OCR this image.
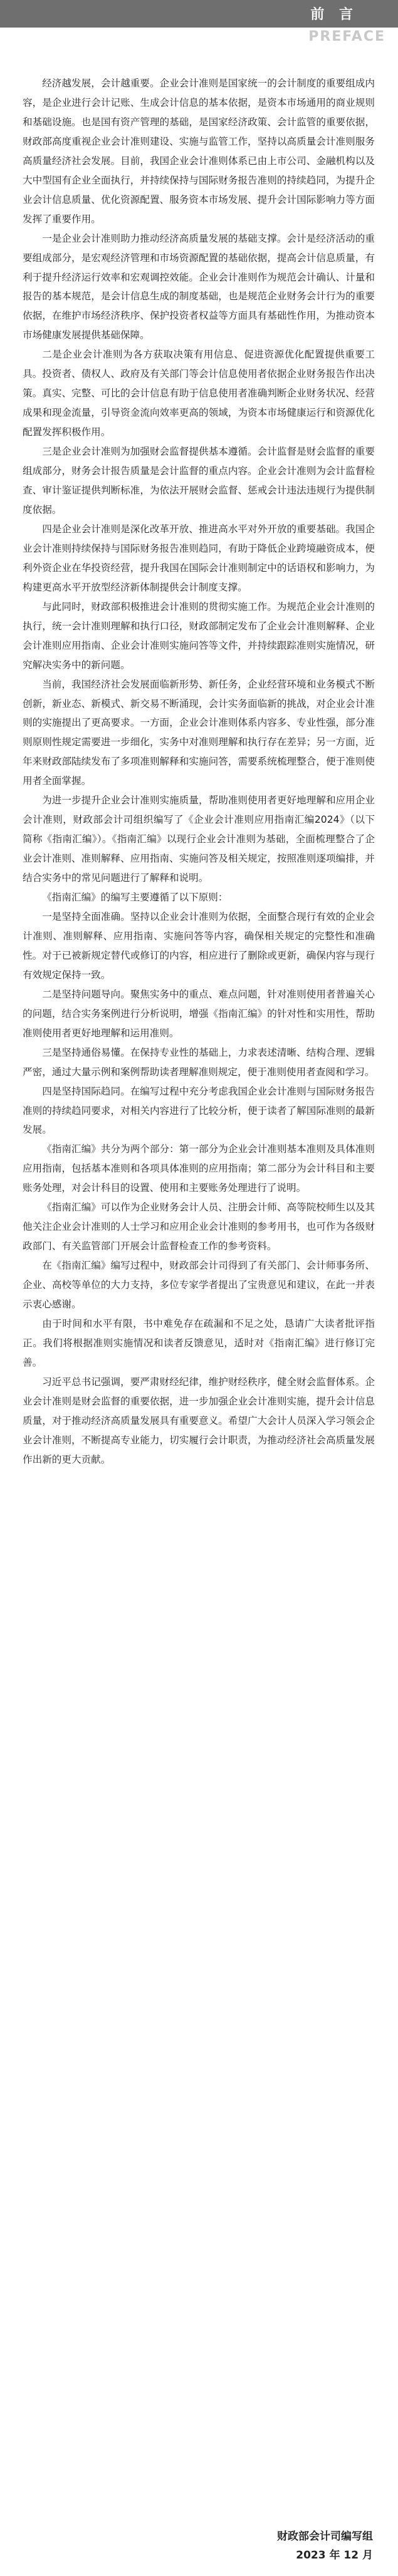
前 言
PREFACE

经济越发展，会计越重要。企业会计准则是国家统一的会计制度的重要组成内容，是企业进行会计记账、生成会计信息的基本依据，是资本市场通用的商业规则和基础设施。也是国有资产管理的基础，是国家经济政策、会计监管的重要依据，财政部高度重视企业会计准则建设、实施与监管工作，坚持以高质量会计准则服务高质量经济社会发展。目前，我国企业会计准则体系已由上市公司、金融机构以及大中型国有企业全面执行，并持续保持与国际财务报告准则的持续趋同，为提升企业会计信息质量、优化资源配置、服务资本市场发展、提升会计国际影响力等方面发挥了重要作用。

一是企业会计准则助力推动经济高质量发展的基础支撑。会计是经济活动的重要组成部分，是宏观经济管理和市场资源配置的基础依据，提高会计信息质量，有利于提升经济运行效率和宏观调控效能。企业会计准则作为规范会计确认、计量和报告的基本规范，是会计信息生成的制度基础，也是规范企业财务会计行为的重要依据，在维护市场经济秩序、保护投资者权益等方面具有基础性作用，为推动资本市场健康发展提供基础保障。

二是企业会计准则为各方获取决策有用信息、促进资源优化配置提供重要工具。投资者、债权人、政府及有关部门等会计信息使用者依据企业财务报告作出决策。真实、完整、可比的会计信息有助于信息使用者准确判断企业财务状况、经营成果和现金流量，引导资金流向效率更高的领域，为资本市场健康运行和资源优化配置发挥积极作用。

三是企业会计准则为加强财会监督提供基本遵循。会计监督是财会监督的重要组成部分，财务会计报告质量是会计监督的重点内容。企业会计准则为会计监督检查、审计鉴证提供判断标准，为依法开展财会监督、惩戒会计违法违规行为提供制度依据。

四是企业会计准则是深化改革开放、推进高水平对外开放的重要基础。我国企业会计准则持续保持与国际财务报告准则趋同，有助于降低企业跨境融资成本，便利外资企业在华投资经营，提升我国在国际会计准则制定中的话语权和影响力，为构建更高水平开放型经济新体制提供会计制度支撑。

与此同时，财政部积极推进会计准则的贯彻实施工作。为规范企业会计准则的执行，统一会计准则理解和执行口径，财政部制定发布了企业会计准则解释、企业会计准则应用指南、企业会计准则实施问答等文件，并持续跟踪准则实施情况，研究解决实务中的新问题。

当前，我国经济社会发展面临新形势、新任务，企业经营环境和业务模式不断创新，新业态、新模式、新交易不断涌现，会计实务面临新的挑战，对企业会计准则的实施提出了更高要求。一方面，企业会计准则体系内容多、专业性强，部分准则原则性规定需要进一步细化，实务中对准则理解和执行存在差异；另一方面，近年来财政部陆续发布了多项准则解释和实施问答，需要系统梳理整合，便于准则使用者全面掌握。

为进一步提升企业会计准则实施质量，帮助准则使用者更好地理解和应用企业会计准则，财政部会计司组织编写了《企业会计准则应用指南汇编2024》（以下简称《指南汇编》）。《指南汇编》以现行企业会计准则为基础，全面梳理整合了企业会计准则、准则解释、应用指南、实施问答及相关规定，按照准则逐项编排，并结合实务中的常见问题进行了解释和说明。

《指南汇编》的编写主要遵循了以下原则：

一是坚持全面准确。坚持以企业会计准则为依据，全面整合现行有效的企业会计准则、准则解释、应用指南、实施问答等内容，确保相关规定的完整性和准确性。对于已被新规定替代或修订的内容，相应进行了删除或更新，确保内容与现行有效规定保持一致。

二是坚持问题导向。聚焦实务中的重点、难点问题，针对准则使用者普遍关心的问题，结合实务案例进行分析说明，增强《指南汇编》的针对性和实用性，帮助准则使用者更好地理解和运用准则。

三是坚持通俗易懂。在保持专业性的基础上，力求表述清晰、结构合理、逻辑严密，通过大量示例和案例帮助读者理解准则规定，便于准则使用者查阅和学习。

四是坚持国际趋同。在编写过程中充分考虑我国企业会计准则与国际财务报告准则的持续趋同要求，对相关内容进行了比较分析，便于读者了解国际准则的最新发展。

《指南汇编》共分为两个部分：第一部分为企业会计准则基本准则及具体准则应用指南，包括基本准则和各项具体准则的应用指南；第二部分为会计科目和主要账务处理，对会计科目的设置、使用和主要账务处理进行了说明。

《指南汇编》可以作为企业财务会计人员、注册会计师、高等院校师生以及其他关注企业会计准则的人士学习和应用企业会计准则的参考用书，也可作为各级财政部门、有关监管部门开展会计监督检查工作的参考资料。

在《指南汇编》编写过程中，财政部会计司得到了有关部门、会计师事务所、企业、高校等单位的大力支持，多位专家学者提出了宝贵意见和建议，在此一并表示衷心感谢。

由于时间和水平有限，书中难免存在疏漏和不足之处，恳请广大读者批评指正。我们将根据准则实施情况和读者反馈意见，适时对《指南汇编》进行修订完善。

习近平总书记强调，要严肃财经纪律，维护财经秩序，健全财会监督体系。企业会计准则是财会监督的重要依据，进一步加强企业会计准则实施，提升会计信息质量，对于推动经济高质量发展具有重要意义。希望广大会计人员深入学习领会企业会计准则，不断提高专业能力，切实履行会计职责，为推动经济社会高质量发展作出新的更大贡献。

财政部会计司编写组
2023 年 12 月
